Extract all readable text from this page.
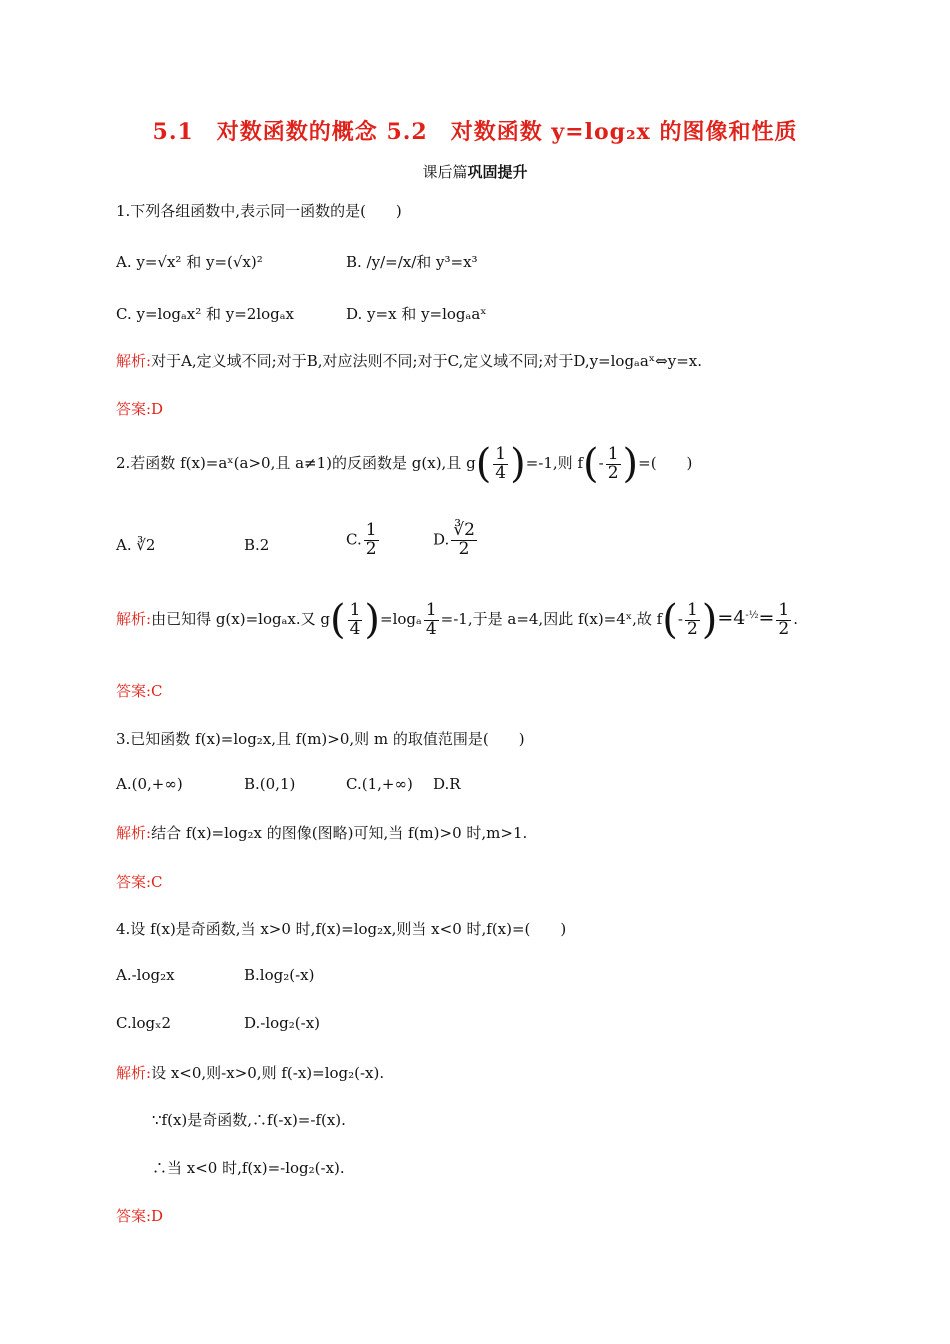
5.1　对数函数的概念 5.2　对数函数 y=log₂x 的图像和性质
课后篇巩固提升
1.下列各组函数中,表示同一函数的是(　　)
A. y=√x² 和 y=(√x)²	B. /y/=/x/和 y³=x³
C. y=logₐx² 和 y=2logₐx	D. y=x 和 y=logₐaˣ
解析:对于A,定义域不同;对于B,对应法则不同;对于C,定义域不同;对于D,y=logₐaˣ⇔y=x.
答案:D
2.若函数 f(x)=aˣ(a>0,且 a≠1)的反函数是 g(x),且 $g( \frac{1}{4} )=-1$,则 $f(- \frac{1}{2}$ )=(　　)
A. ∛2	B.2	C. $\frac{1}{2}$	D. $\frac{∛2}{2}$
解析:由已知得 g(x)=logₐx.又 $g( \frac{1}{4} )=\log_a \frac{1}{4} =-1$,于是 a=4,因此 f(x)=4ˣ,故 $f(- \frac{1}{2} )=4^{-\frac{1}{2}}= \frac{1}{2}$ .
答案:C
3.已知函数 f(x)=log₂x,且 f(m)>0,则 m 的取值范围是(　　)
A.(0,+∞)	B.(0,1)	C.(1,+∞) D.R
解析:结合 f(x)=log₂x 的图像(图略)可知,当 f(m)>0 时,m>1.
答案:C
4.设 f(x)是奇函数,当 x>0 时,f(x)=log₂x,则当 x<0 时,f(x)=(　　)
A.-log₂x	B.log₂(-x)
C.logₓ2	D.-log₂(-x)
解析:设 x<0,则-x>0,则 f(-x)=log₂(-x).
∵f(x)是奇函数,∴f(-x)=-f(x).
∴当 x<0 时,f(x)=-log₂(-x).
答案:D
